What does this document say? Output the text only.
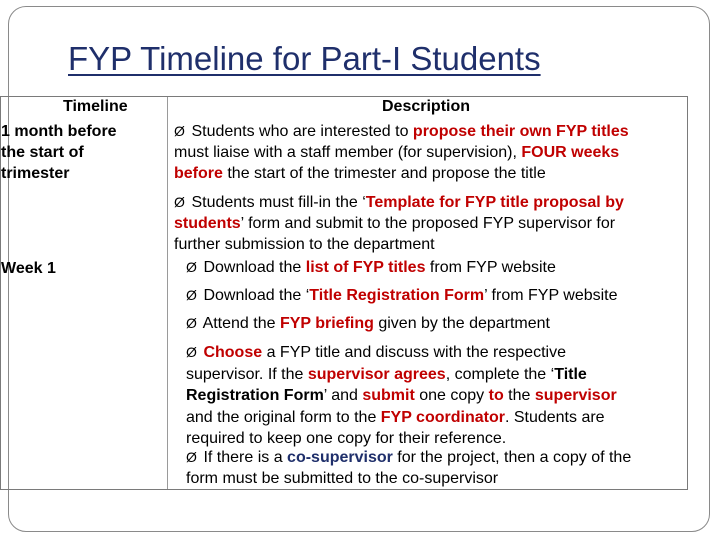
FYP Timeline for Part-I Students
Timeline	Description
1 month before
the start of
trimester
Week 1
Ø Students who are interested to propose their own FYP titles
must liaise with a staff member (for supervision), FOUR weeks
before the start of the trimester and propose the title
Ø Students must fill-in the ‘Template for FYP title proposal by
students’ form and submit to the proposed FYP supervisor for
further submission to the department
Ø Download the list of FYP titles from FYP website
Ø Download the ‘Title Registration Form’ from FYP website
Ø Attend the FYP briefing given by the department
Ø Choose a FYP title and discuss with the respective
supervisor. If the supervisor agrees, complete the ‘Title
Registration Form’ and submit one copy to the supervisor
and the original form to the FYP coordinator. Students are
required to keep one copy for their reference.
Ø If there is a co-supervisor for the project, then a copy of the
form must be submitted to the co-supervisor
